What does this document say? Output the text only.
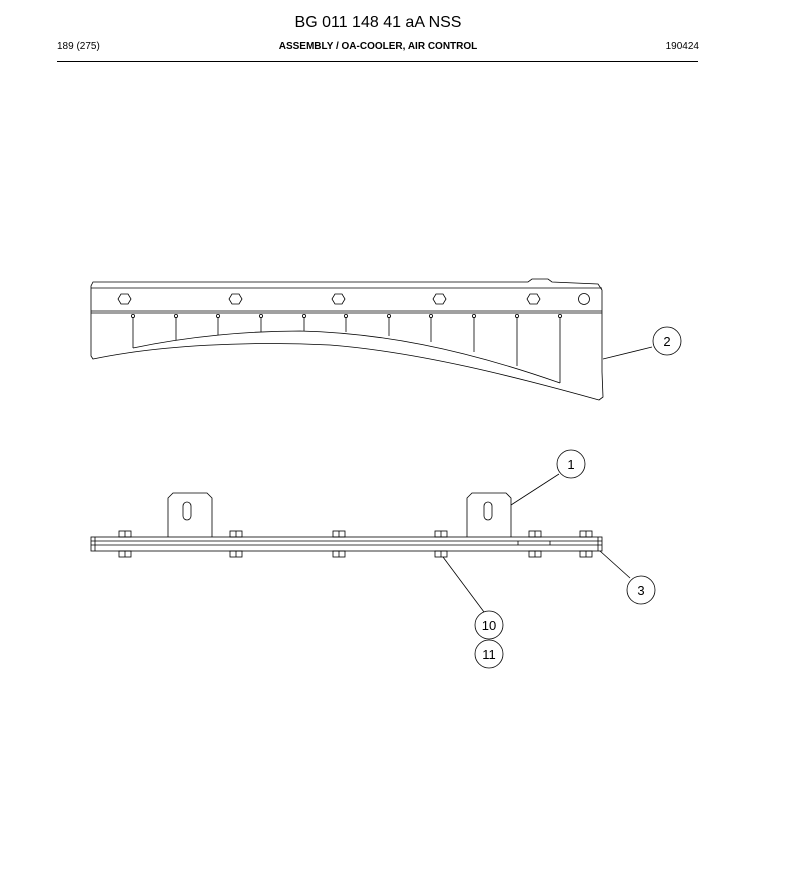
BG 011 148 41 aA NSS
189 (275)	ASSEMBLY / OA-COOLER, AIR CONTROL	190424
2
1
3
10
11
